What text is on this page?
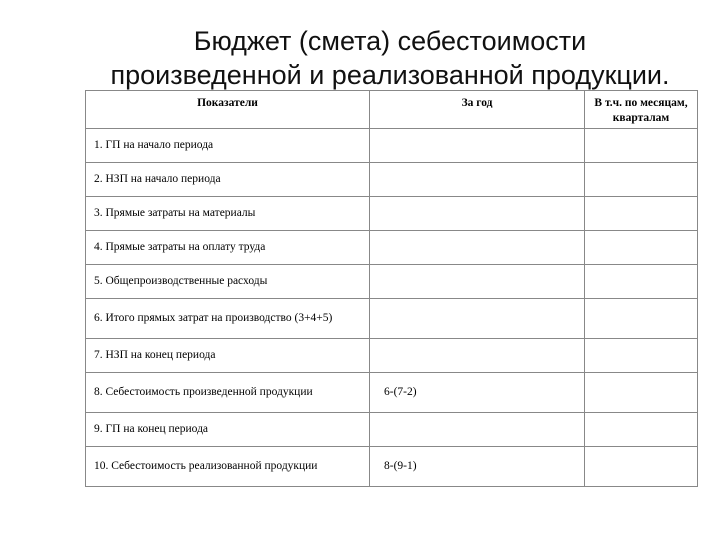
Бюджет (смета) себестоимости
произведенной и реализованной продукции.
Показатели	За год	В т.ч. по месяцам, кварталам
1. ГП на начало периода		
2. НЗП на начало периода		
3. Прямые затраты на материалы		
4. Прямые затраты на оплату труда		
5. Общепроизводственные расходы		
6. Итого прямых затрат на производство (3+4+5)		
7. НЗП на конец периода		
8. Себестоимость произведенной продукции	6-(7-2)	
9. ГП на конец периода		
10. Себестоимость реализованной продукции	8-(9-1)	
